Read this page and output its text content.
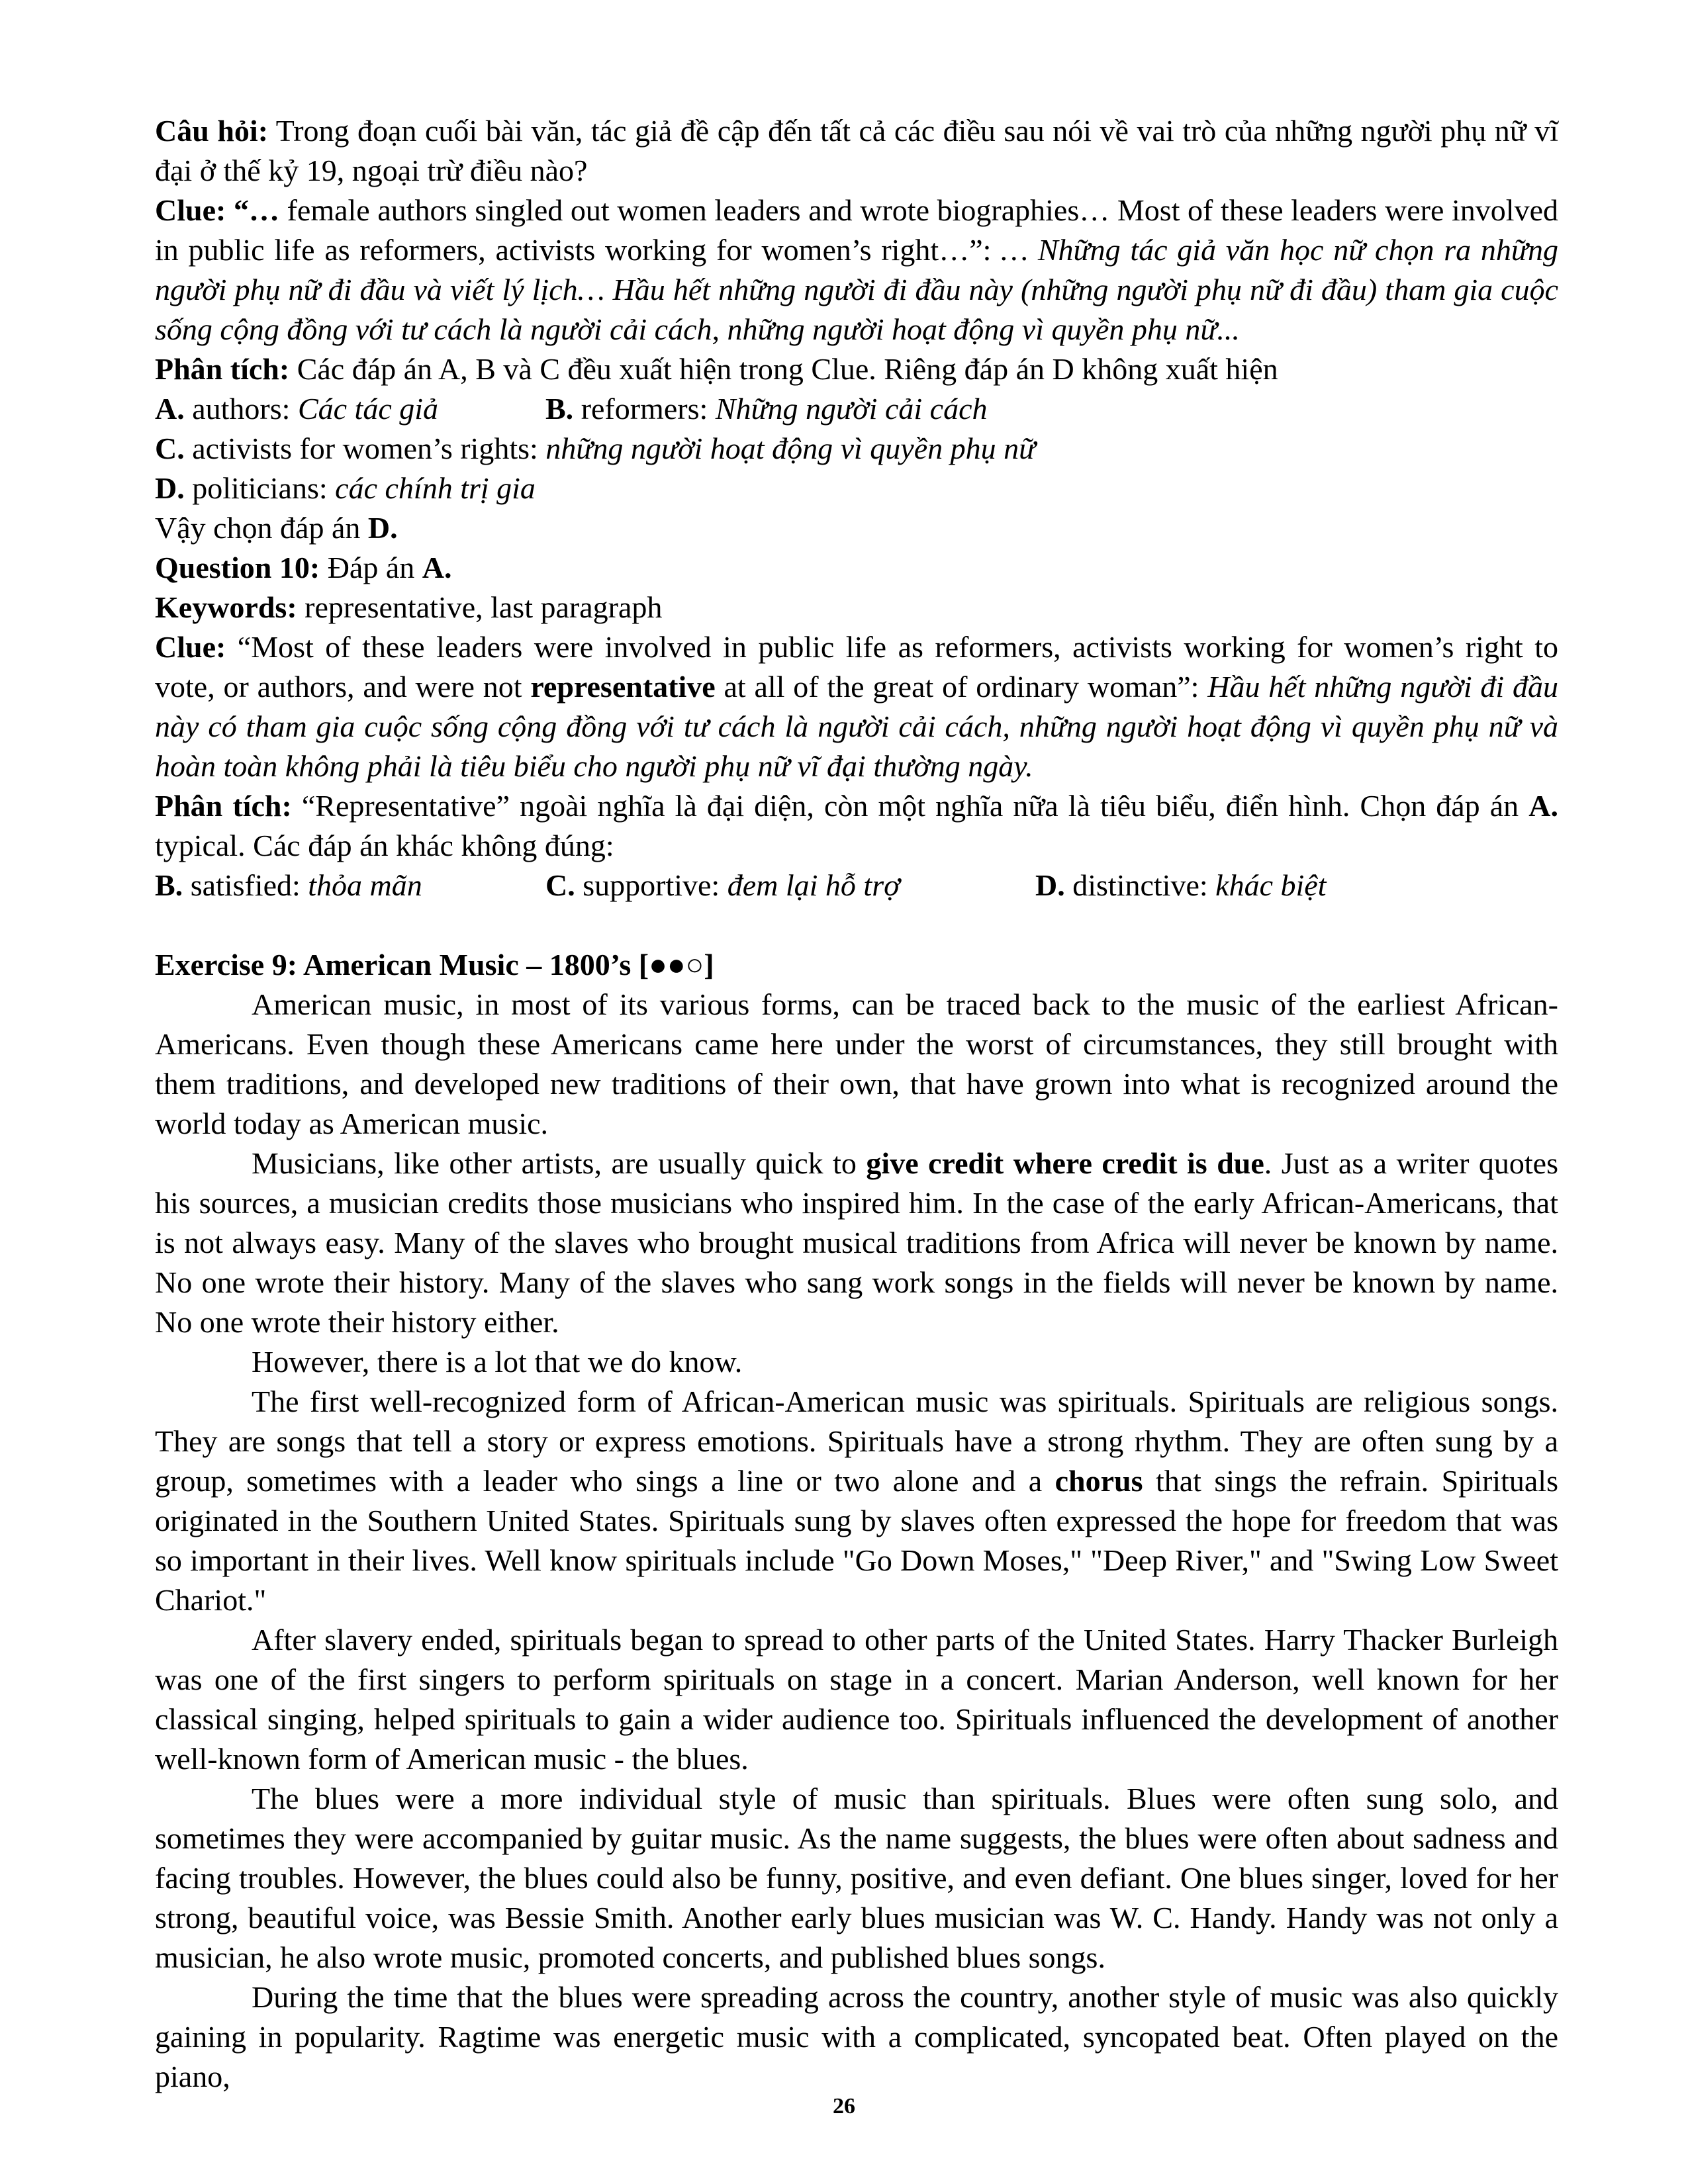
Câu hỏi: Trong đoạn cuối bài văn, tác giả đề cập đến tất cả các điều sau nói về vai trò của những người phụ nữ vĩ đại ở thế kỷ 19, ngoại trừ điều nào?
Clue: “… female authors singled out women leaders and wrote biographies… Most of these leaders were involved in public life as reformers, activists working for women’s right…”: … Những tác giả văn học nữ chọn ra những người phụ nữ đi đầu và viết lý lịch… Hầu hết những người đi đầu này (những người phụ nữ đi đầu) tham gia cuộc sống cộng đồng với tư cách là người cải cách, những người hoạt động vì quyền phụ nữ...
Phân tích: Các đáp án A, B và C đều xuất hiện trong Clue. Riêng đáp án D không xuất hiện
A. authors: Các tác giả	B. reformers: Những người cải cách
C. activists for women’s rights: những người hoạt động vì quyền phụ nữ
D. politicians: các chính trị gia
Vậy chọn đáp án D.
Question 10: Đáp án A.
Keywords: representative, last paragraph
Clue: “Most of these leaders were involved in public life as reformers, activists working for women’s right to vote, or authors, and were not representative at all of the great of ordinary woman”: Hầu hết những người đi đầu này có tham gia cuộc sống cộng đồng với tư cách là người cải cách, những người hoạt động vì quyền phụ nữ và hoàn toàn không phải là tiêu biểu cho người phụ nữ vĩ đại thường ngày.
Phân tích: “Representative” ngoài nghĩa là đại diện, còn một nghĩa nữa là tiêu biểu, điển hình. Chọn đáp án A. typical. Các đáp án khác không đúng:
B. satisfied: thỏa mãn	C. supportive: đem lại hỗ trợ	D. distinctive: khác biệt
Exercise 9: American Music – 1800’s [●●○]
American music, in most of its various forms, can be traced back to the music of the earliest African-Americans. Even though these Americans came here under the worst of circumstances, they still brought with them traditions, and developed new traditions of their own, that have grown into what is recognized around the world today as American music.
Musicians, like other artists, are usually quick to give credit where credit is due. Just as a writer quotes his sources, a musician credits those musicians who inspired him. In the case of the early African-Americans, that is not always easy. Many of the slaves who brought musical traditions from Africa will never be known by name. No one wrote their history. Many of the slaves who sang work songs in the fields will never be known by name. No one wrote their history either.
However, there is a lot that we do know.
The first well-recognized form of African-American music was spirituals. Spirituals are religious songs. They are songs that tell a story or express emotions. Spirituals have a strong rhythm. They are often sung by a group, sometimes with a leader who sings a line or two alone and a chorus that sings the refrain. Spirituals originated in the Southern United States. Spirituals sung by slaves often expressed the hope for freedom that was so important in their lives. Well know spirituals include "Go Down Moses," "Deep River," and "Swing Low Sweet Chariot."
After slavery ended, spirituals began to spread to other parts of the United States. Harry Thacker Burleigh was one of the first singers to perform spirituals on stage in a concert. Marian Anderson, well known for her classical singing, helped spirituals to gain a wider audience too. Spirituals influenced the development of another well-known form of American music - the blues.
The blues were a more individual style of music than spirituals. Blues were often sung solo, and sometimes they were accompanied by guitar music. As the name suggests, the blues were often about sadness and facing troubles. However, the blues could also be funny, positive, and even defiant. One blues singer, loved for her strong, beautiful voice, was Bessie Smith. Another early blues musician was W. C. Handy. Handy was not only a musician, he also wrote music, promoted concerts, and published blues songs.
During the time that the blues were spreading across the country, another style of music was also quickly gaining in popularity. Ragtime was energetic music with a complicated, syncopated beat. Often played on the piano,
26
